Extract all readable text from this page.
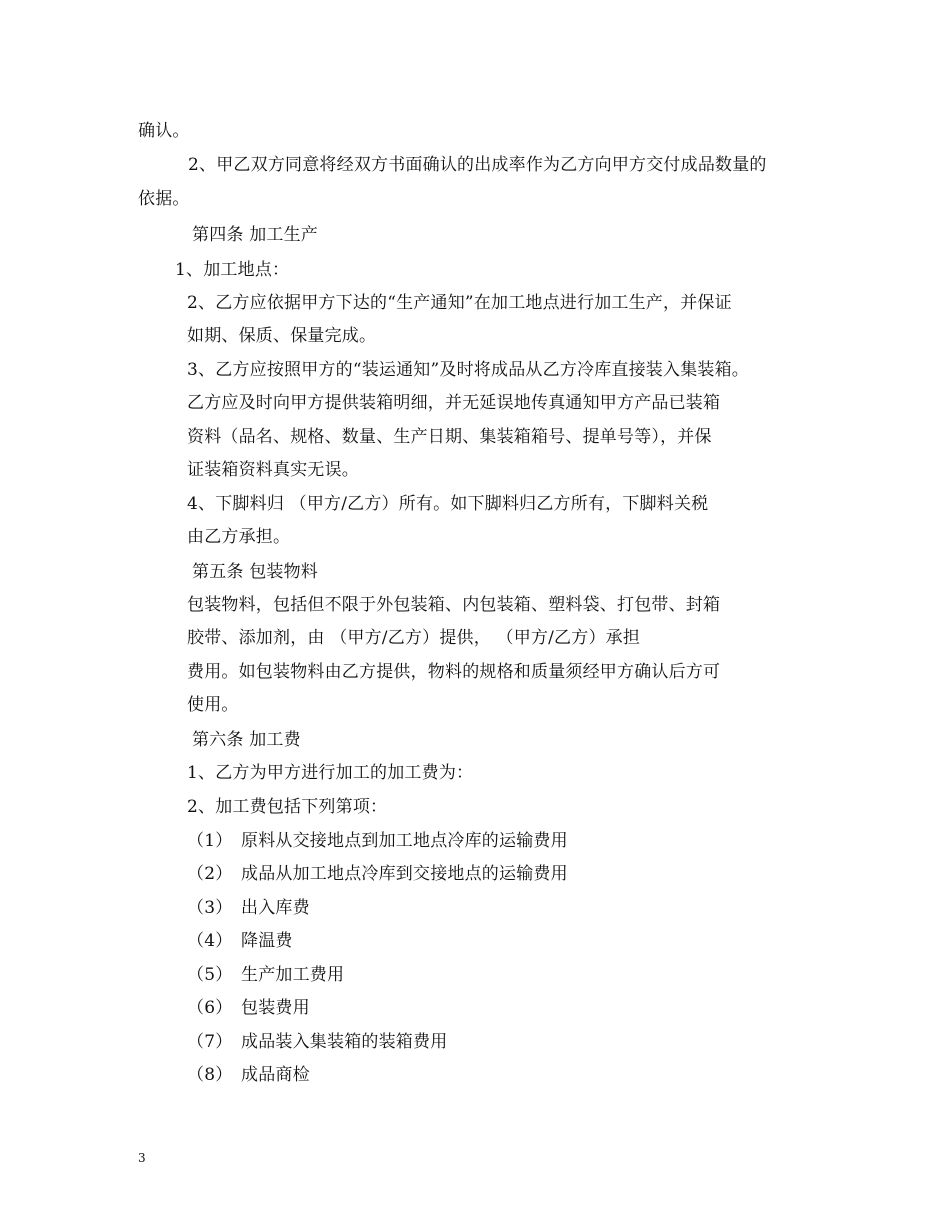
确认。
2、甲乙双方同意将经双方书面确认的出成率作为乙方向甲方交付成品数量的
依据。
第四条 加工生产
1、加工地点：
2、乙方应依据甲方下达的“生产通知”在加工地点进行加工生产，并保证
如期、保质、保量完成。
3、乙方应按照甲方的“装运通知”及时将成品从乙方冷库直接装入集装箱。
乙方应及时向甲方提供装箱明细，并无延误地传真通知甲方产品已装箱
资料（品名、规格、数量、生产日期、集装箱箱号、提单号等），并保
证装箱资料真实无误。
4、下脚料归 （甲方/乙方）所有。如下脚料归乙方所有，下脚料关税
由乙方承担。
第五条 包装物料
包装物料，包括但不限于外包装箱、内包装箱、塑料袋、打包带、封箱
胶带、添加剂，由 （甲方/乙方）提供， （甲方/乙方）承担
费用。如包装物料由乙方提供，物料的规格和质量须经甲方确认后方可
使用。
第六条 加工费
1、乙方为甲方进行加工的加工费为：
2、加工费包括下列第项：
（1） 原料从交接地点到加工地点冷库的运输费用
（2） 成品从加工地点冷库到交接地点的运输费用
（3） 出入库费
（4） 降温费
（5） 生产加工费用
（6） 包装费用
（7） 成品装入集装箱的装箱费用
（8） 成品商检
3
